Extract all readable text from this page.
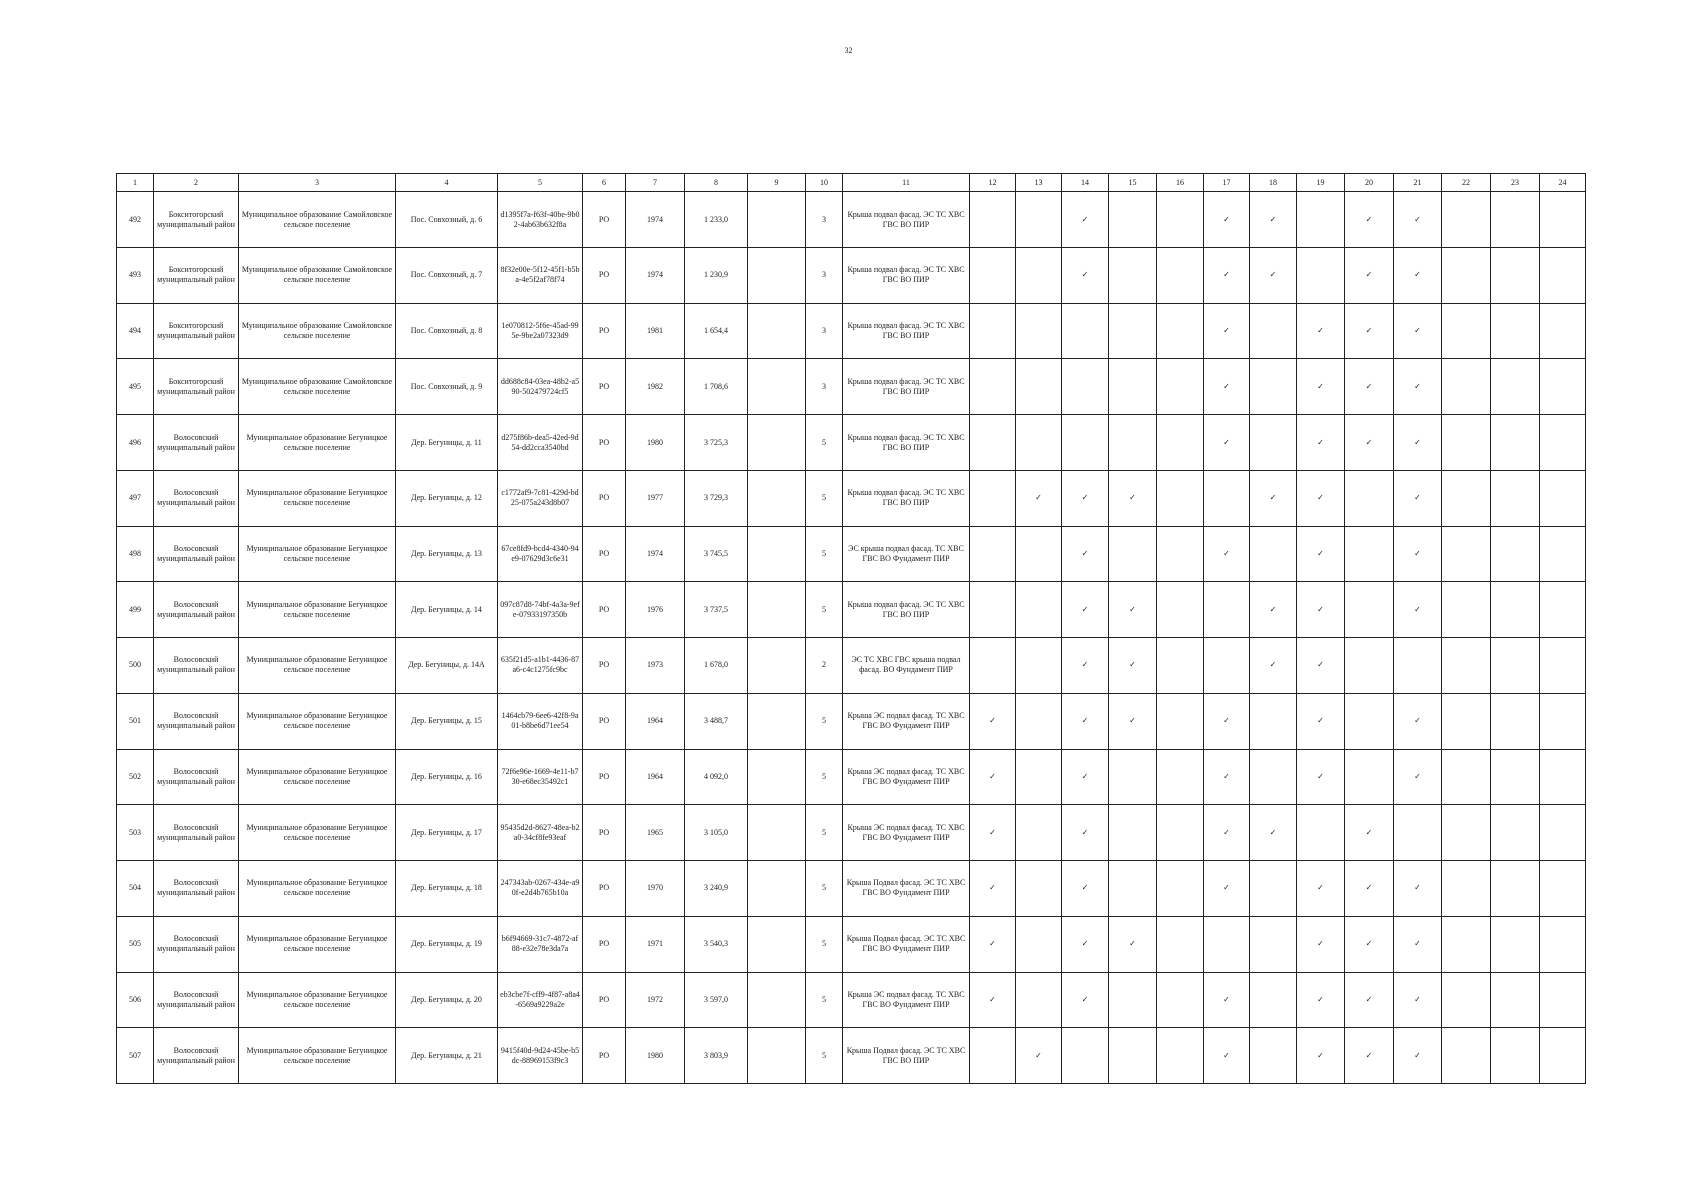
32
1	2	3	4	5	6	7	8	9	10	11	12	13	14	15	16	17	18	19	20	21	22	23	24
492	Бокситогорский муниципальный район	Муниципальное образование Самойловское сельское поселение	Пос. Совхозный, д. 6	d1395f7a-f63f-40be-9b02-4ab63b632f8a	РО	1974	1 233,0		3	Крыша подвал фасад. ЭС ТС ХВС ГВС ВО ПИР			✓			✓	✓		✓	✓			
493	Бокситогорский муниципальный район	Муниципальное образование Самойловское сельское поселение	Пос. Совхозный, д. 7	8f32e00e-5f12-45f1-b5ba-4e5f2af78f74	РО	1974	1 230,9		3	Крыша подвал фасад. ЭС ТС ХВС ГВС ВО ПИР			✓			✓	✓		✓	✓			
494	Бокситогорский муниципальный район	Муниципальное образование Самойловское сельское поселение	Пос. Совхозный, д. 8	1e070812-5f6e-45ad-995e-9be2a07323d9	РО	1981	1 654,4		3	Крыша подвал фасад. ЭС ТС ХВС ГВС ВО ПИР						✓		✓	✓	✓			
495	Бокситогорский муниципальный район	Муниципальное образование Самойловское сельское поселение	Пос. Совхозный, д. 9	dd688c84-03ea-48b2-a590-502479724cf5	РО	1982	1 708,6		3	Крыша подвал фасад. ЭС ТС ХВС ГВС ВО ПИР						✓		✓	✓	✓			
496	Волосовский муниципальный район	Муниципальное образование Бегуницкое сельское поселение	Дер. Бегуницы, д. 11	d275f86b-dea5-42ed-9d54-dd2cca3540bd	РО	1980	3 725,3		5	Крыша подвал фасад. ЭС ТС ХВС ГВС ВО ПИР						✓		✓	✓	✓			
497	Волосовский муниципальный район	Муниципальное образование Бегуницкое сельское поселение	Дер. Бегуницы, д. 12	c1772af9-7c81-429d-bd25-075a243d8b07	РО	1977	3 729,3		5	Крыша подвал фасад. ЭС ТС ХВС ГВС ВО ПИР		✓	✓	✓			✓	✓		✓			
498	Волосовский муниципальный район	Муниципальное образование Бегуницкое сельское поселение	Дер. Бегуницы, д. 13	67ce8fd9-bcd4-4340-94e9-07629d3c6e31	РО	1974	3 745,5		5	ЭС крыша подвал фасад. ТС ХВС ГВС ВО Фундамент ПИР			✓			✓		✓		✓			
499	Волосовский муниципальный район	Муниципальное образование Бегуницкое сельское поселение	Дер. Бегуницы, д. 14	097c87d8-74bf-4a3a-9efe-07933197350b	РО	1976	3 737,5		5	Крыша подвал фасад. ЭС ТС ХВС ГВС ВО ПИР			✓	✓			✓	✓		✓			
500	Волосовский муниципальный район	Муниципальное образование Бегуницкое сельское поселение	Дер. Бегуницы, д. 14А	635f21d5-a1b1-4436-87a6-c4c1275fc9bc	РО	1973	1 678,0		2	ЭС ТС ХВС ГВС крыша подвал фасад. ВО Фундамент ПИР			✓	✓			✓	✓					
501	Волосовский муниципальный район	Муниципальное образование Бегуницкое сельское поселение	Дер. Бегуницы, д. 15	1464cb79-6ee6-42f8-9a01-b8be6d71ee54	РО	1964	3 488,7		5	Крыша ЭС подвал фасад. ТС ХВС ГВС ВО Фундамент ПИР	✓		✓	✓		✓		✓		✓			
502	Волосовский муниципальный район	Муниципальное образование Бегуницкое сельское поселение	Дер. Бегуницы, д. 16	72f6e96e-1669-4e11-b730-e68ec35492c1	РО	1964	4 092,0		5	Крыша ЭС подвал фасад. ТС ХВС ГВС ВО Фундамент ПИР	✓		✓			✓		✓		✓			
503	Волосовский муниципальный район	Муниципальное образование Бегуницкое сельское поселение	Дер. Бегуницы, д. 17	95435d2d-8627-48ea-b2a0-34cf8fe93eaf	РО	1965	3 105,0		5	Крыша ЭС подвал фасад. ТС ХВС ГВС ВО Фундамент ПИР	✓		✓			✓	✓		✓				
504	Волосовский муниципальный район	Муниципальное образование Бегуницкое сельское поселение	Дер. Бегуницы, д. 18	247343ab-0267-434e-a90f-e2d4b765b10a	РО	1970	3 240,9		5	Крыша Подвал фасад. ЭС ТС ХВС ГВС ВО Фундамент ПИР	✓		✓			✓		✓	✓	✓			
505	Волосовский муниципальный район	Муниципальное образование Бегуницкое сельское поселение	Дер. Бегуницы, д. 19	b6f94669-31c7-4872-af88-e32e78e3da7a	РО	1971	3 540,3		5	Крыша Подвал фасад. ЭС ТС ХВС ГВС ВО Фундамент ПИР	✓		✓	✓				✓	✓	✓			
506	Волосовский муниципальный район	Муниципальное образование Бегуницкое сельское поселение	Дер. Бегуницы, д. 20	eb3cbe7f-cff9-4f87-a8a4-6569a9229a2e	РО	1972	3 597,0		5	Крыша ЭС подвал фасад. ТС ХВС ГВС ВО Фундамент ПИР	✓		✓			✓		✓	✓	✓			
507	Волосовский муниципальный район	Муниципальное образование Бегуницкое сельское поселение	Дер. Бегуницы, д. 21	9415f40d-9d24-45be-b5dc-88969153f9c3	РО	1980	3 803,9		5	Крыша Подвал фасад. ЭС ТС ХВС ГВС ВО ПИР		✓				✓		✓	✓	✓			
